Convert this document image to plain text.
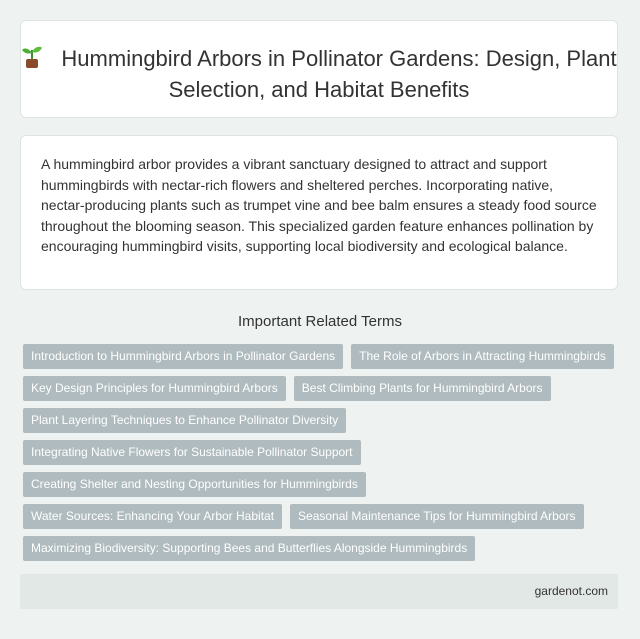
Hummingbird Arbors in Pollinator Gardens: Design, Plant Selection, and Habitat Benefits

A hummingbird arbor provides a vibrant sanctuary designed to attract and support hummingbirds with nectar-rich flowers and sheltered perches. Incorporating native, nectar-producing plants such as trumpet vine and bee balm ensures a steady food source throughout the blooming season. This specialized garden feature enhances pollination by encouraging hummingbird visits, supporting local biodiversity and ecological balance.

Important Related Terms
Introduction to Hummingbird Arbors in Pollinator Gardens	The Role of Arbors in Attracting Hummingbirds
Key Design Principles for Hummingbird Arbors	Best Climbing Plants for Hummingbird Arbors
Plant Layering Techniques to Enhance Pollinator Diversity
Integrating Native Flowers for Sustainable Pollinator Support
Creating Shelter and Nesting Opportunities for Hummingbirds
Water Sources: Enhancing Your Arbor Habitat	Seasonal Maintenance Tips for Hummingbird Arbors
Maximizing Biodiversity: Supporting Bees and Butterflies Alongside Hummingbirds
gardenot.com
